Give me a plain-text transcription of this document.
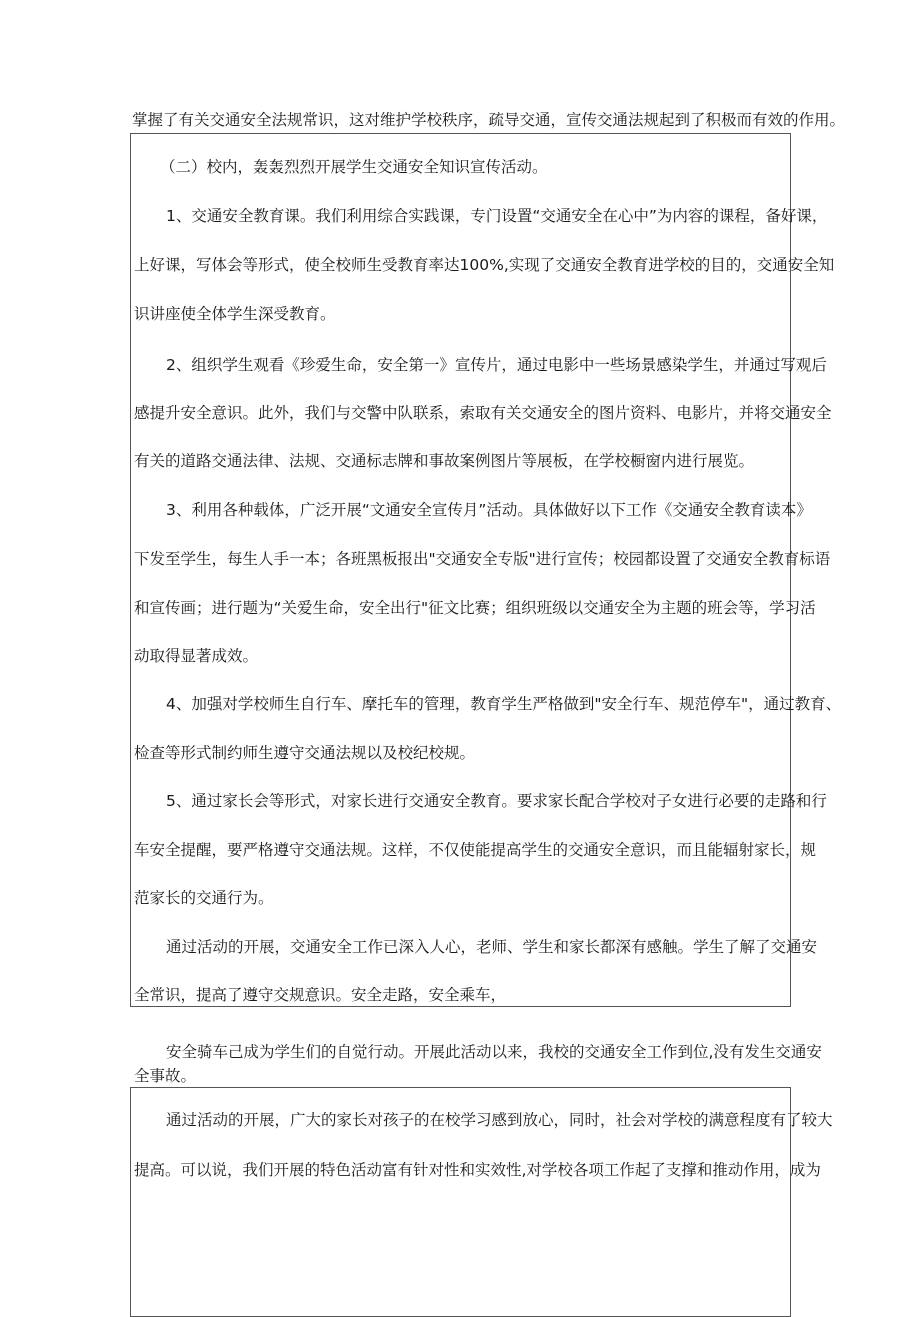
掌握了有关交通安全法规常识，这对维护学校秩序，疏导交通，宣传交通法规起到了积极而有效的作用。
（二）校内，轰轰烈烈开展学生交通安全知识宣传活动。
1、交通安全教育课。我们利用综合实践课，专门设置“交通安全在心中”为内容的课程，备好课，
上好课，写体会等形式，使全校师生受教育率达100%,实现了交通安全教育进学校的目的，交通安全知
识讲座使全体学生深受教育。
2、组织学生观看《珍爱生命，安全第一》宣传片，通过电影中一些场景感染学生，并通过写观后
感提升安全意识。此外，我们与交警中队联系，索取有关交通安全的图片资料、电影片，并将交通安全
有关的道路交通法律、法规、交通标志牌和事故案例图片等展板，在学校橱窗内进行展览。
3、利用各种载体，广泛开展“文通安全宣传月”活动。具体做好以下工作《交通安全教育读本》
下发至学生，每生人手一本；各班黑板报出"交通安全专版"进行宣传；校园都设置了交通安全教育标语
和宣传画；进行题为“关爱生命，安全出行"征文比赛；组织班级以交通安全为主题的班会等，学习活
动取得显著成效。
4、加强对学校师生自行车、摩托车的管理，教育学生严格做到"安全行车、规范停车"，通过教育、
检查等形式制约师生遵守交通法规以及校纪校规。
5、通过家长会等形式，对家长进行交通安全教育。要求家长配合学校对子女进行必要的走路和行
车安全提醒，要严格遵守交通法规。这样，不仅使能提高学生的交通安全意识，而且能辐射家长，规
范家长的交通行为。
通过活动的开展，交通安全工作已深入人心，老师、学生和家长都深有感触。学生了解了交通安
全常识，提高了遵守交规意识。安全走路，安全乘车，
安全骑车己成为学生们的自觉行动。开展此活动以来，我校的交通安全工作到位,没有发生交通安
全事故。
通过活动的开展，广大的家长对孩子的在校学习感到放心，同时，社会对学校的满意程度有了较大
提高。可以说，我们开展的特色活动富有针对性和实效性,对学校各项工作起了支撑和推动作用，成为
